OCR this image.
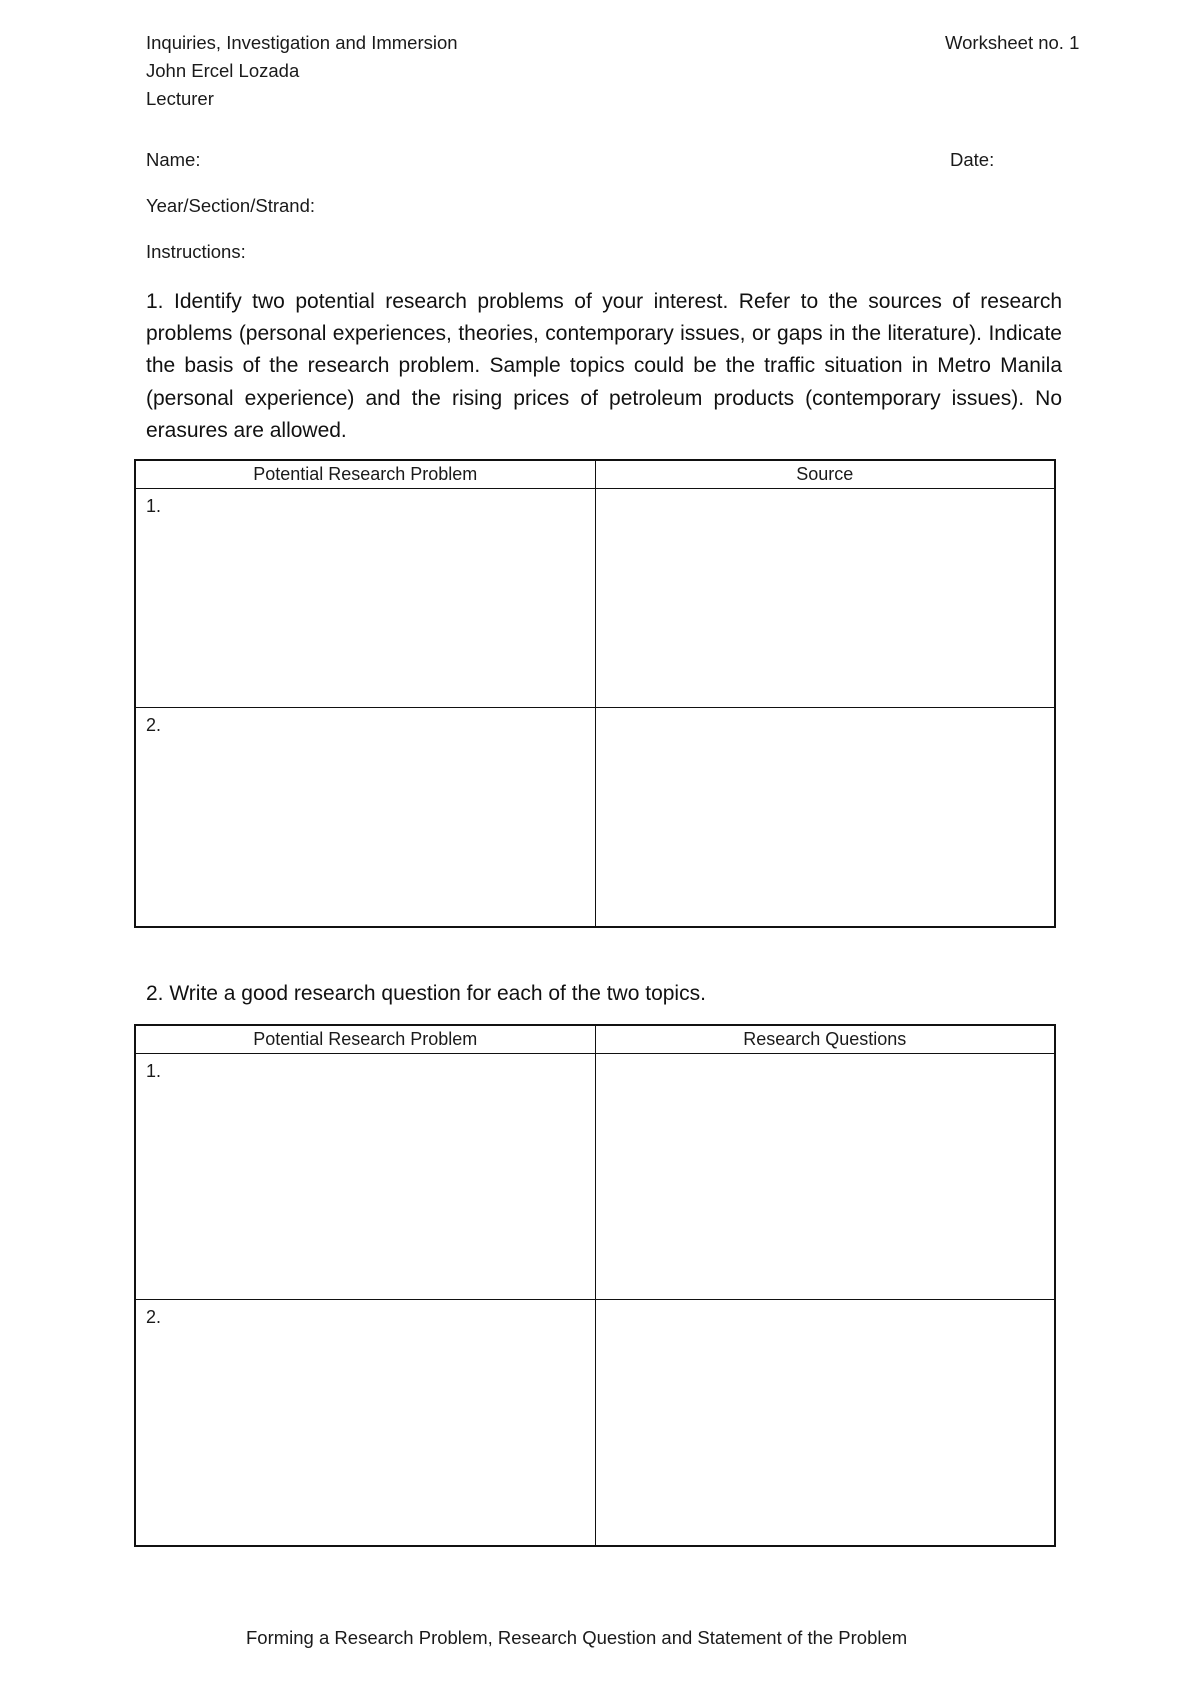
Inquiries, Investigation and Immersion	Worksheet no. 1
John Ercel Lozada
Lecturer
Name:	Date:
Year/Section/Strand:
Instructions:
1. Identify two potential research problems of your interest. Refer to the sources of research problems (personal experiences, theories, contemporary issues, or gaps in the literature). Indicate the basis of the research problem. Sample topics could be the traffic situation in Metro Manila (personal experience) and the rising prices of petroleum products (contemporary issues). No erasures are allowed.
Potential Research Problem	Source

1.	

2.	

2. Write a good research question for each of the two topics.
Potential Research Problem	Research Questions

1.	

2.	

Forming a Research Problem, Research Question and Statement of the Problem
